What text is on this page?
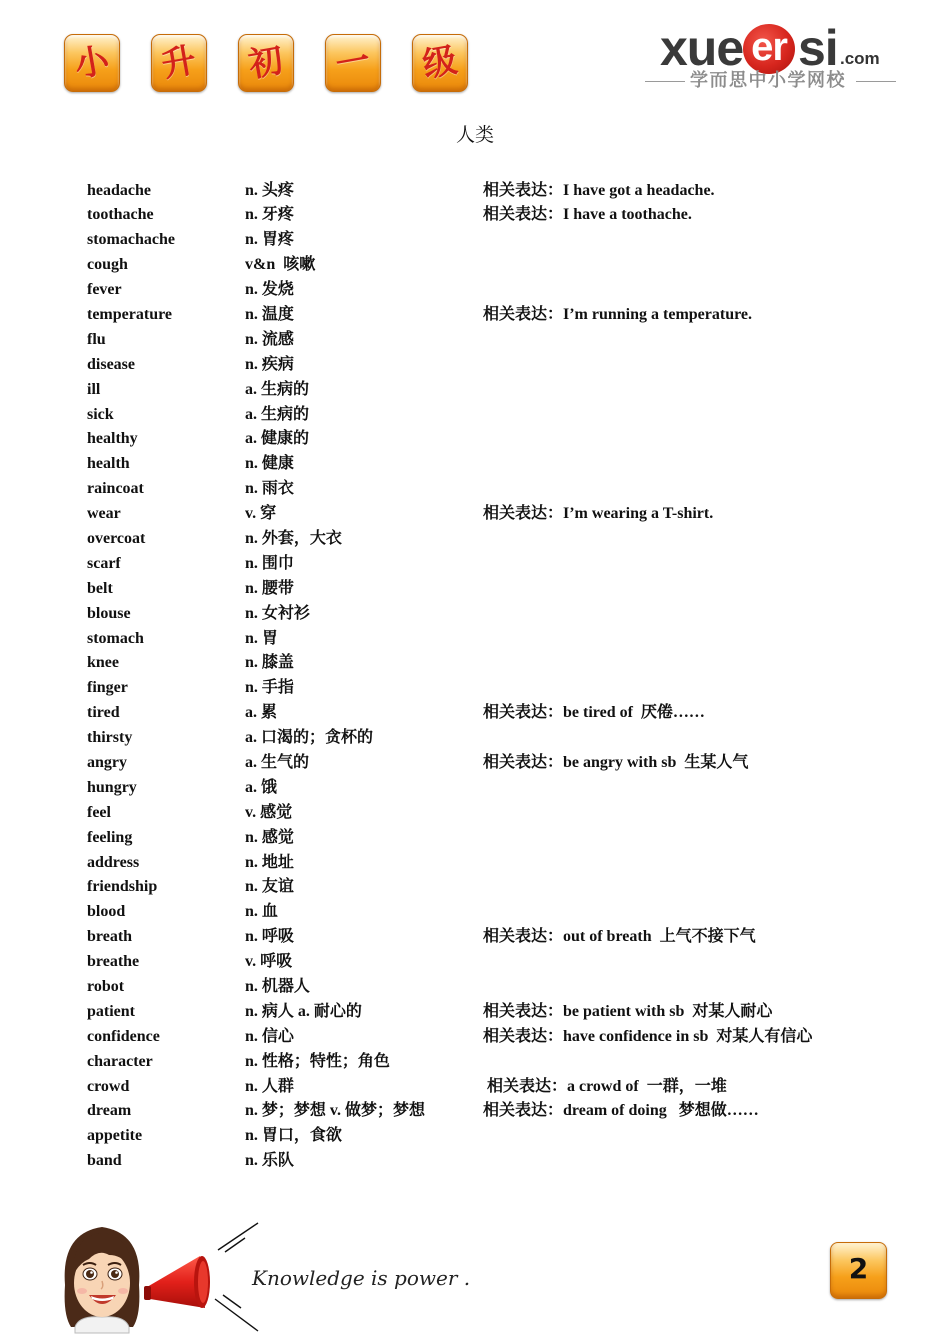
小 升 初 一 级	xue er si .com
学而思中小学网校
人类
headache	n. 头疼	相关表达：I have got a headache.
toothache	n. 牙疼	相关表达：I have a toothache.
stomachache	n. 胃疼
cough	v&n  咳嗽
fever	n. 发烧
temperature	n. 温度	相关表达：I’m running a temperature.
flu	n. 流感
disease	n. 疾病
ill	a. 生病的
sick	a. 生病的
healthy	a. 健康的
health	n. 健康
raincoat	n. 雨衣
wear	v. 穿	相关表达：I’m wearing a T-shirt.
overcoat	n. 外套，大衣
scarf	n. 围巾
belt	n. 腰带
blouse	n. 女衬衫
stomach	n. 胃
knee	n. 膝盖
finger	n. 手指
tired	a. 累	相关表达：be tired of  厌倦……
thirsty	a. 口渴的；贪杯的
angry	a. 生气的	相关表达：be angry with sb  生某人气
hungry	a. 饿
feel	v. 感觉
feeling	n. 感觉
address	n. 地址
friendship	n. 友谊
blood	n. 血
breath	n. 呼吸	相关表达：out of breath  上气不接下气
breathe	v. 呼吸
robot	n. 机器人
patient	n. 病人 a. 耐心的	相关表达：be patient with sb  对某人耐心
confidence	n. 信心	相关表达：have confidence in sb  对某人有信心
character	n. 性格；特性；角色
crowd	n. 人群	相关表达：a crowd of  一群，一堆
dream	n. 梦；梦想 v. 做梦；梦想	相关表达：dream of doing   梦想做……
appetite	n. 胃口，食欲
band	n. 乐队
Knowledge is power .	2
